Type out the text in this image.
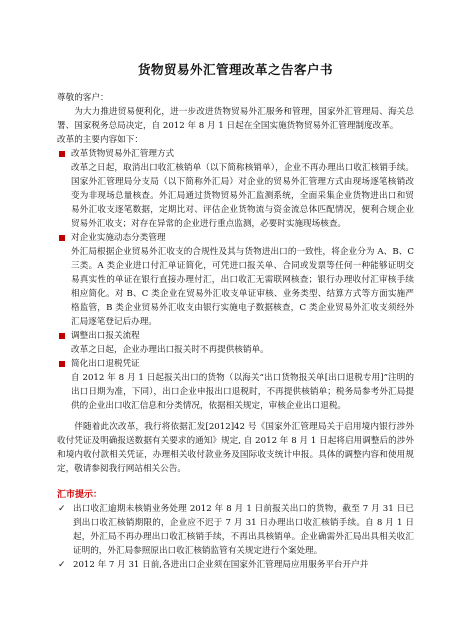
货物贸易外汇管理改革之告客户书

尊敬的客户：

为大力推进贸易便利化，进一步改进货物贸易外汇服务和管理，国家外汇管理局、海关总署、国家税务总局决定，自 2012 年 8 月 1 日起在全国实施货物贸易外汇管理制度改革。

改革的主要内容如下：

改革货物贸易外汇管理方式

改革之日起，取消出口收汇核销单（以下简称核销单），企业不再办理出口收汇核销手续。国家外汇管理局分支局（以下简称外汇局）对企业的贸易外汇管理方式由现场逐笔核销改变为非现场总量核查。外汇局通过货物贸易外汇监测系统，全面采集企业货物进出口和贸易外汇收支逐笔数据，定期比对、评估企业货物流与资金流总体匹配情况，便利合规企业贸易外汇收支；对存在异常的企业进行重点监测，必要时实施现场核查。

对企业实施动态分类管理

外汇局根据企业贸易外汇收支的合规性及其与货物进出口的一致性，将企业分为 A、B、C 三类。A 类企业进口付汇单证简化，可凭进口报关单、合同或发票等任何一种能够证明交易真实性的单证在银行直接办理付汇，出口收汇无需联网核查；银行办理收付汇审核手续相应简化。对 B、C 类企业在贸易外汇收支单证审核、业务类型、结算方式等方面实施严格监管，B 类企业贸易外汇收支由银行实施电子数据核查，C 类企业贸易外汇收支须经外汇局逐笔登记后办理。

调整出口报关流程

改革之日起，企业办理出口报关时不再提供核销单。

简化出口退税凭证

自 2012 年 8 月 1 日起报关出口的货物（以海关“出口货物报关单[出口退税专用]”注明的出口日期为准，下同），出口企业申报出口退税时，不再提供核销单；税务局参考外汇局提供的企业出口收汇信息和分类情况，依据相关规定，审核企业出口退税。

伴随着此次改革，我行将依据汇发[2012]42 号《国家外汇管理局关于启用境内银行涉外收付凭证及明确报送数据有关要求的通知》规定, 自 2012 年 8 月 1 日起将启用调整后的涉外和境内收付款相关凭证，办理相关收付款业务及国际收支统计申报。具体的调整内容和使用规定，敬请参阅我行网站相关公告。

汇市提示：

✓ 出口收汇逾期未核销业务处理 2012 年 8 月 1 日前报关出口的货物，截至 7 月 31 日已到出口收汇核销期限的，企业应不迟于 7 月 31 日办理出口收汇核销手续。自 8 月 1 日起，外汇局不再办理出口收汇核销手续，不再出具核销单。企业确需外汇局出具相关收汇证明的，外汇局参照原出口收汇核销监管有关规定进行个案处理。

✓ 2012 年 7 月 31 日前,各进出口企业须在国家外汇管理局应用服务平台开户并
